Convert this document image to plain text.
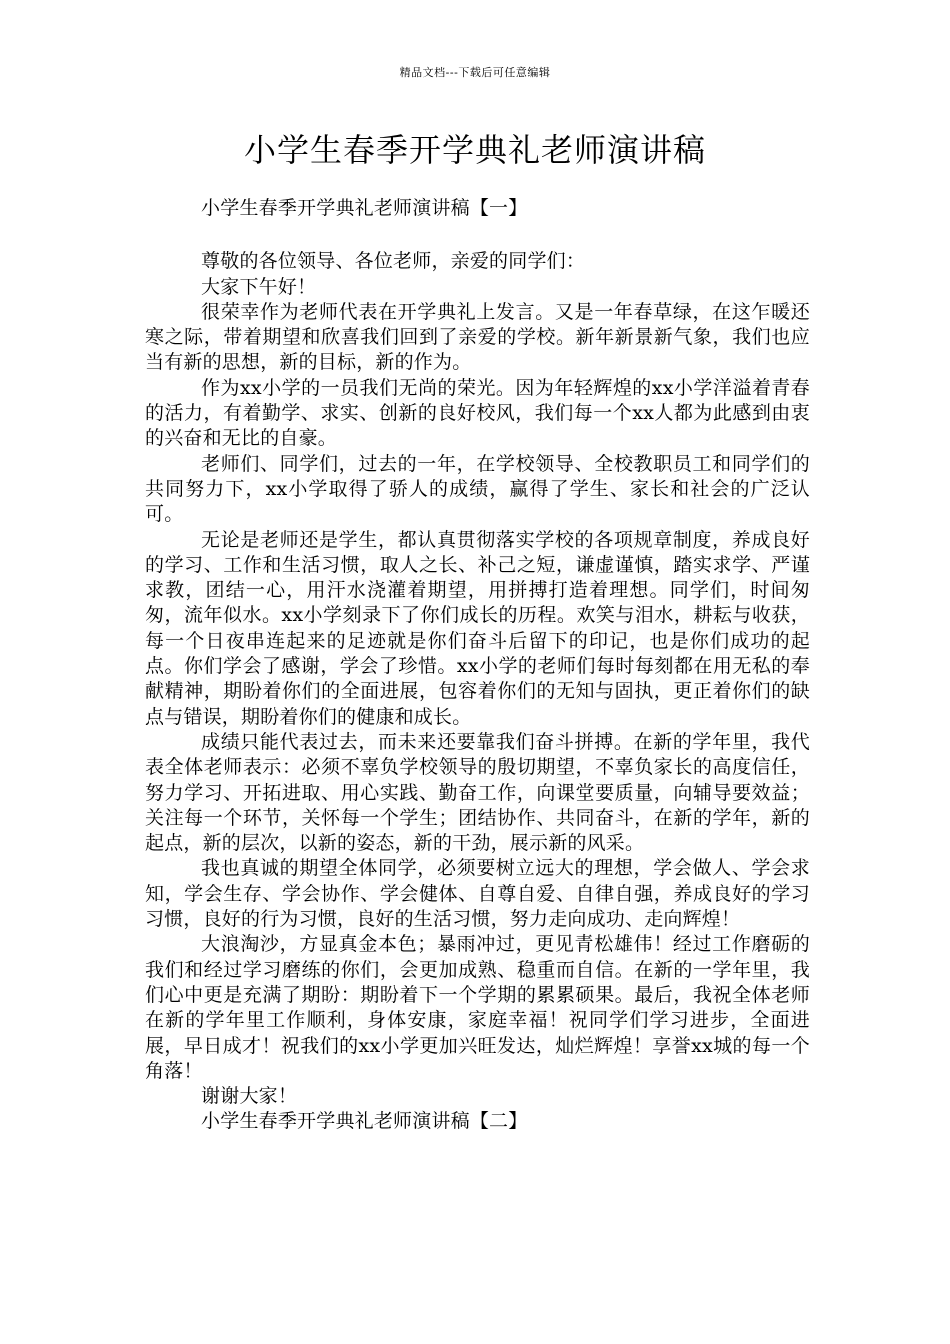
精品文档---下载后可任意编辑
小学生春季开学典礼老师演讲稿

小学生春季开学典礼老师演讲稿【一】

尊敬的各位领导、各位老师，亲爱的同学们：

大家下午好！

很荣幸作为老师代表在开学典礼上发言。又是一年春草绿，在这乍暖还寒之际，带着期望和欣喜我们回到了亲爱的学校。新年新景新气象，我们也应当有新的思想，新的目标，新的作为。

作为xx小学的一员我们无尚的荣光。因为年轻辉煌的xx小学洋溢着青春的活力，有着勤学、求实、创新的良好校风，我们每一个xx人都为此感到由衷的兴奋和无比的自豪。

老师们、同学们，过去的一年，在学校领导、全校教职员工和同学们的共同努力下，xx小学取得了骄人的成绩，赢得了学生、家长和社会的广泛认可。

无论是老师还是学生，都认真贯彻落实学校的各项规章制度，养成良好的学习、工作和生活习惯，取人之长、补己之短，谦虚谨慎，踏实求学、严谨求教，团结一心，用汗水浇灌着期望，用拼搏打造着理想。同学们，时间匆匆，流年似水。xx小学刻录下了你们成长的历程。欢笑与泪水，耕耘与收获，每一个日夜串连起来的足迹就是你们奋斗后留下的印记，也是你们成功的起点。你们学会了感谢，学会了珍惜。xx小学的老师们每时每刻都在用无私的奉献精神，期盼着你们的全面进展，包容着你们的无知与固执，更正着你们的缺点与错误，期盼着你们的健康和成长。

成绩只能代表过去，而未来还要靠我们奋斗拼搏。在新的学年里，我代表全体老师表示：必须不辜负学校领导的殷切期望，不辜负家长的高度信任，努力学习、开拓进取、用心实践、勤奋工作，向课堂要质量，向辅导要效益；关注每一个环节，关怀每一个学生；团结协作、共同奋斗，在新的学年，新的起点，新的层次，以新的姿态，新的干劲，展示新的风采。

我也真诚的期望全体同学，必须要树立远大的理想，学会做人、学会求知，学会生存、学会协作、学会健体、自尊自爱、自律自强，养成良好的学习习惯，良好的行为习惯，良好的生活习惯，努力走向成功、走向辉煌！

大浪淘沙，方显真金本色；暴雨冲过，更见青松雄伟！经过工作磨砺的我们和经过学习磨练的你们，会更加成熟、稳重而自信。在新的一学年里，我们心中更是充满了期盼：期盼着下一个学期的累累硕果。最后，我祝全体老师在新的学年里工作顺利，身体安康，家庭幸福！祝同学们学习进步，全面进展，早日成才！祝我们的xx小学更加兴旺发达，灿烂辉煌！享誉xx城的每一个角落！

谢谢大家！

小学生春季开学典礼老师演讲稿【二】
